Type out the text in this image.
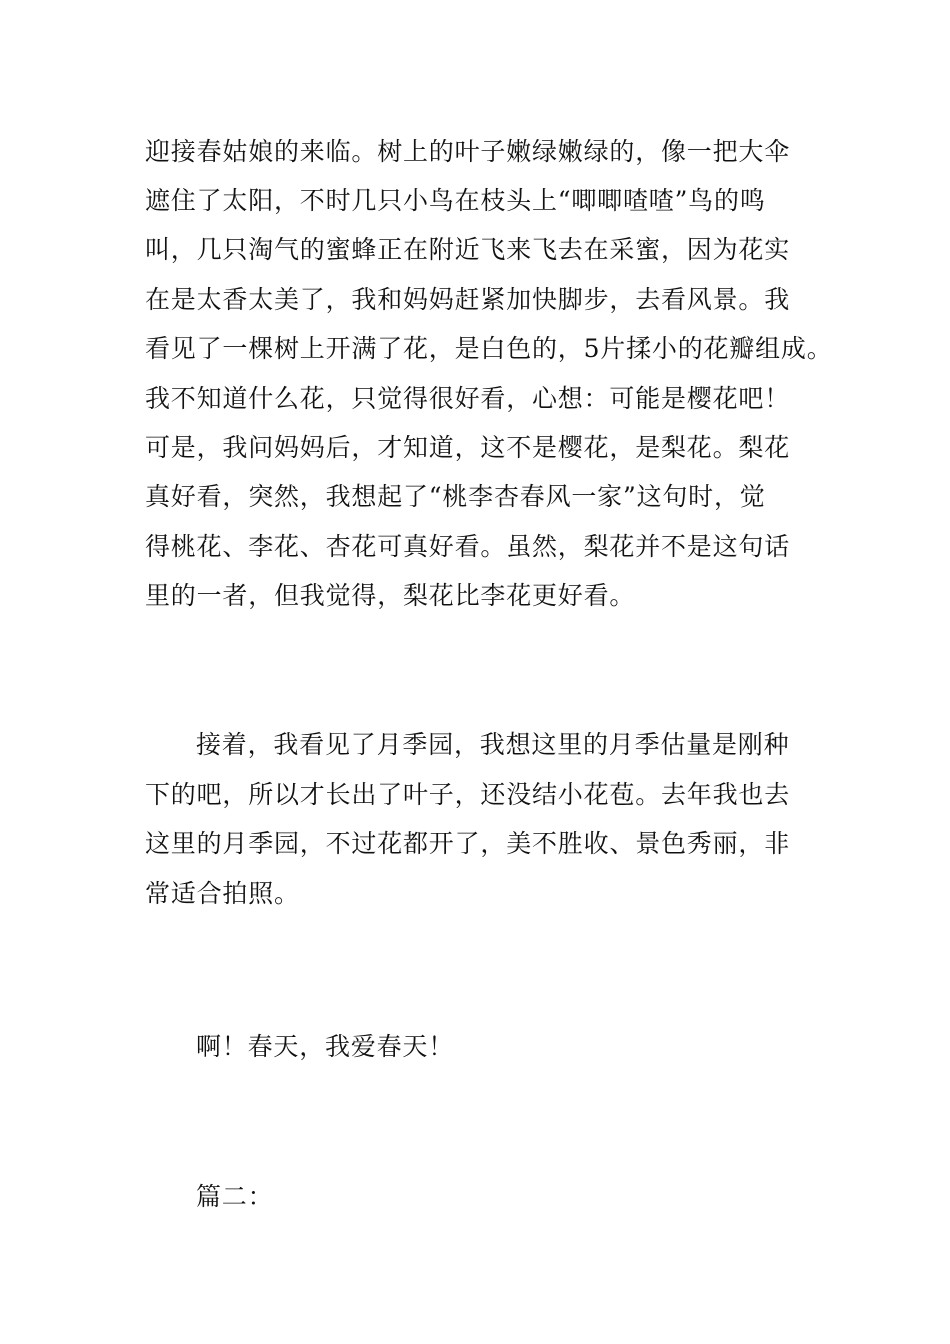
迎接春姑娘的来临。树上的叶子嫩绿嫩绿的，像一把大伞

遮住了太阳，不时几只小鸟在枝头上“唧唧喳喳”鸟的鸣

叫，几只淘气的蜜蜂正在附近飞来飞去在采蜜，因为花实

在是太香太美了，我和妈妈赶紧加快脚步，去看风景。我

看见了一棵树上开满了花，是白色的，5片揉小的花瓣组成。

我不知道什么花，只觉得很好看，心想：可能是樱花吧！

可是，我问妈妈后，才知道，这不是樱花，是梨花。梨花

真好看，突然，我想起了“桃李杏春风一家”这句时，觉

得桃花、李花、杏花可真好看。虽然，梨花并不是这句话

里的一者，但我觉得，梨花比李花更好看。

接着，我看见了月季园，我想这里的月季估量是刚种

下的吧，所以才长出了叶子，还没结小花苞。去年我也去

这里的月季园，不过花都开了，美不胜收、景色秀丽，非

常适合拍照。

啊！春天，我爱春天！

篇二：
